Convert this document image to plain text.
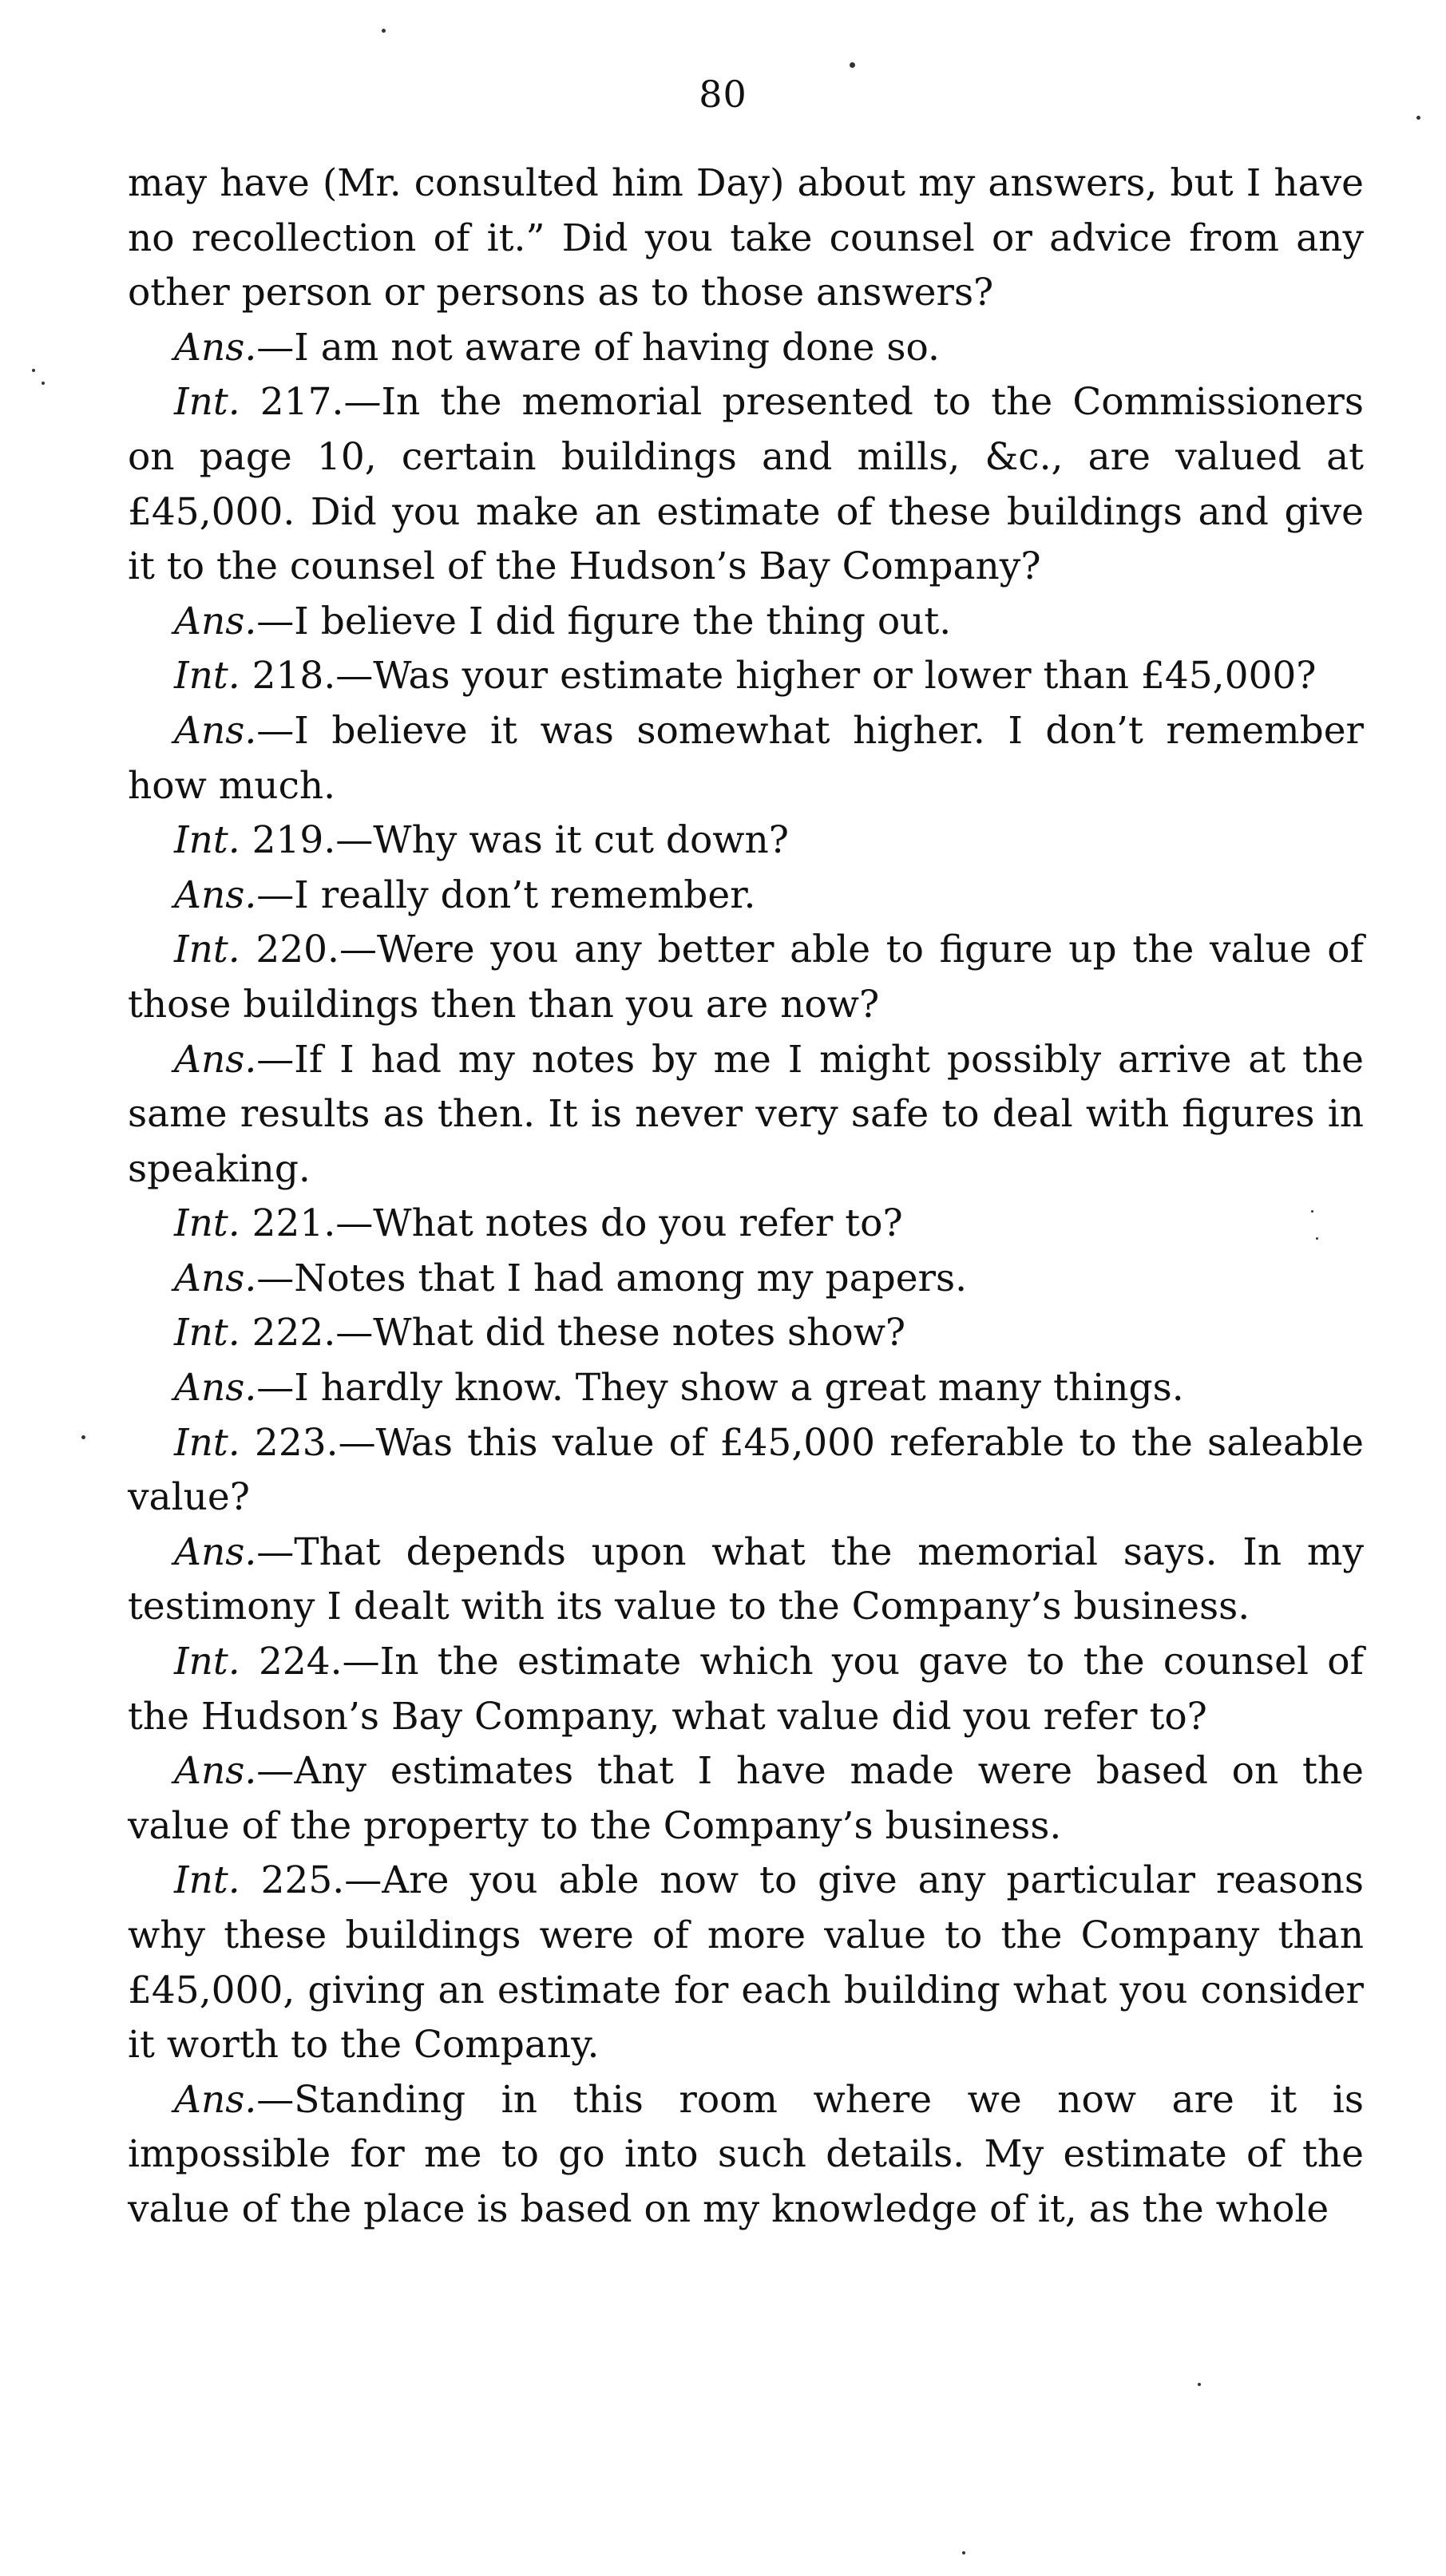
80

may have (Mr. consulted him Day) about my answers, but I have no recollection of it.” Did you take counsel or advice from any other person or persons as to those answers?

Ans.—I am not aware of having done so.

Int. 217.—In the memorial presented to the Commissioners on page 10, certain buildings and mills, &c., are valued at £45,000. Did you make an estimate of these buildings and give it to the counsel of the Hudson’s Bay Company?

Ans.—I believe I did figure the thing out.

Int. 218.—Was your estimate higher or lower than £45,000?

Ans.—I believe it was somewhat higher. I don’t remember how much.

Int. 219.—Why was it cut down?

Ans.—I really don’t remember.

Int. 220.—Were you any better able to figure up the value of those buildings then than you are now?

Ans.—If I had my notes by me I might possibly arrive at the same results as then. It is never very safe to deal with figures in speaking.

Int. 221.—What notes do you refer to?

Ans.—Notes that I had among my papers.

Int. 222.—What did these notes show?

Ans.—I hardly know. They show a great many things.

Int. 223.—Was this value of £45,000 referable to the saleable value?

Ans.—That depends upon what the memorial says. In my testimony I dealt with its value to the Company’s business.

Int. 224.—In the estimate which you gave to the counsel of the Hudson’s Bay Company, what value did you refer to?

Ans.—Any estimates that I have made were based on the value of the property to the Company’s business.

Int. 225.—Are you able now to give any particular reasons why these buildings were of more value to the Company than £45,000, giving an estimate for each building what you consider it worth to the Company.

Ans.—Standing in this room where we now are it is impossible for me to go into such details. My estimate of the value of the place is based on my knowledge of it, as the whole
